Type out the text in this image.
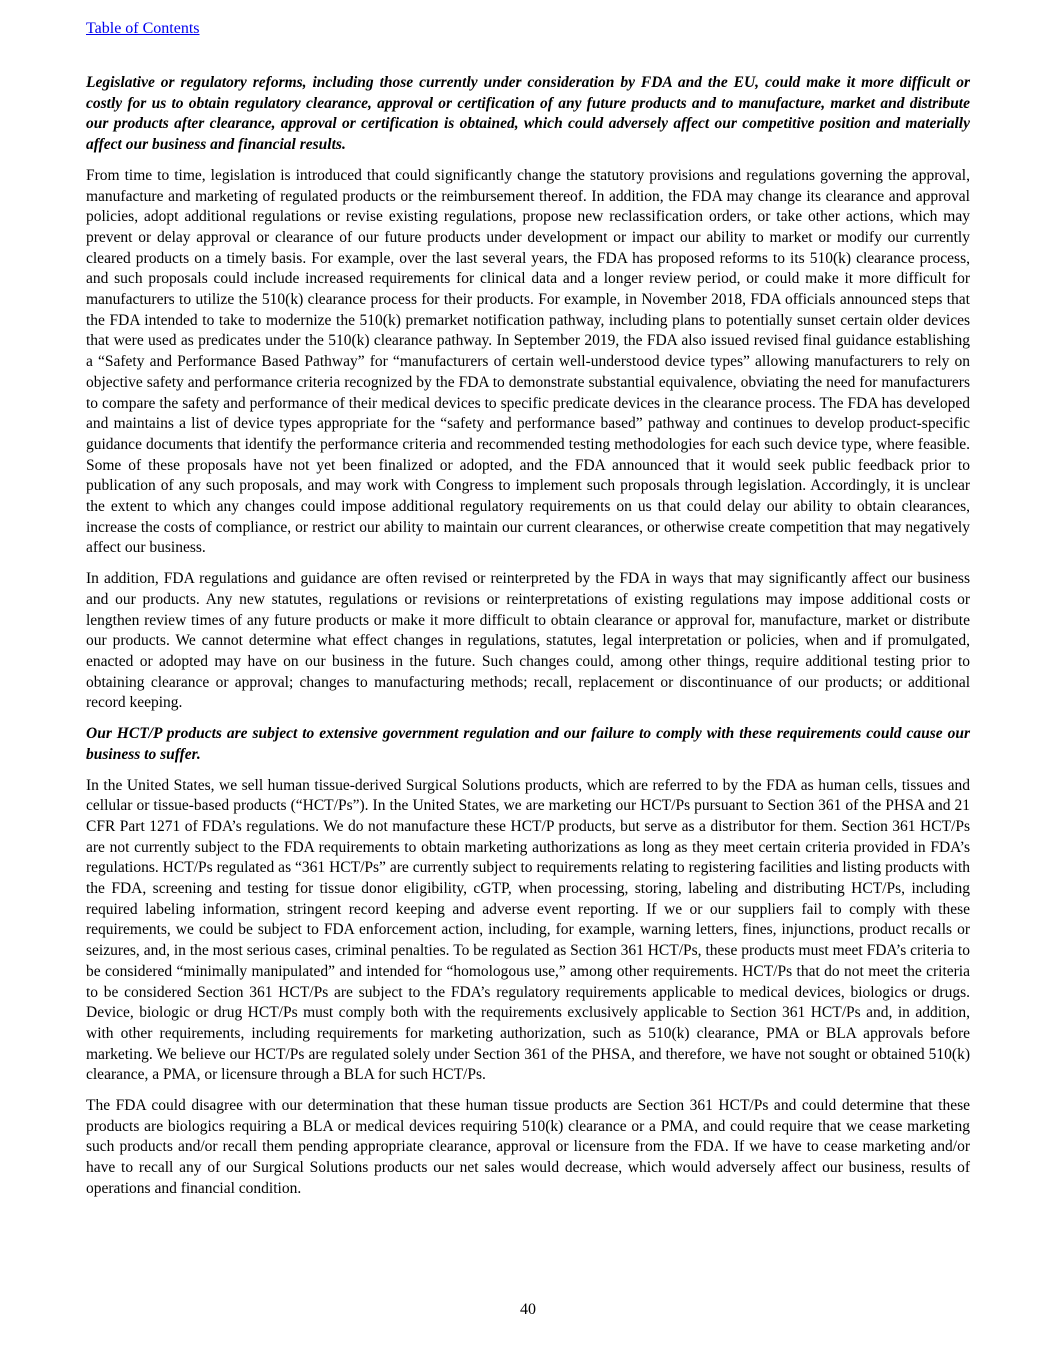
Table of Contents

Legislative or regulatory reforms, including those currently under consideration by FDA and the EU, could make it more difficult or costly for us to obtain regulatory clearance, approval or certification of any future products and to manufacture, market and distribute our products after clearance, approval or certification is obtained, which could adversely affect our competitive position and materially affect our business and financial results.

From time to time, legislation is introduced that could significantly change the statutory provisions and regulations governing the approval, manufacture and marketing of regulated products or the reimbursement thereof. In addition, the FDA may change its clearance and approval policies, adopt additional regulations or revise existing regulations, propose new reclassification orders, or take other actions, which may prevent or delay approval or clearance of our future products under development or impact our ability to market or modify our currently cleared products on a timely basis. For example, over the last several years, the FDA has proposed reforms to its 510(k) clearance process, and such proposals could include increased requirements for clinical data and a longer review period, or could make it more difficult for manufacturers to utilize the 510(k) clearance process for their products. For example, in November 2018, FDA officials announced steps that the FDA intended to take to modernize the 510(k) premarket notification pathway, including plans to potentially sunset certain older devices that were used as predicates under the 510(k) clearance pathway. In September 2019, the FDA also issued revised final guidance establishing a “Safety and Performance Based Pathway” for “manufacturers of certain well-understood device types” allowing manufacturers to rely on objective safety and performance criteria recognized by the FDA to demonstrate substantial equivalence, obviating the need for manufacturers to compare the safety and performance of their medical devices to specific predicate devices in the clearance process. The FDA has developed and maintains a list of device types appropriate for the “safety and performance based” pathway and continues to develop product-specific guidance documents that identify the performance criteria and recommended testing methodologies for each such device type, where feasible. Some of these proposals have not yet been finalized or adopted, and the FDA announced that it would seek public feedback prior to publication of any such proposals, and may work with Congress to implement such proposals through legislation. Accordingly, it is unclear the extent to which any changes could impose additional regulatory requirements on us that could delay our ability to obtain clearances, increase the costs of compliance, or restrict our ability to maintain our current clearances, or otherwise create competition that may negatively affect our business.

In addition, FDA regulations and guidance are often revised or reinterpreted by the FDA in ways that may significantly affect our business and our products. Any new statutes, regulations or revisions or reinterpretations of existing regulations may impose additional costs or lengthen review times of any future products or make it more difficult to obtain clearance or approval for, manufacture, market or distribute our products. We cannot determine what effect changes in regulations, statutes, legal interpretation or policies, when and if promulgated, enacted or adopted may have on our business in the future. Such changes could, among other things, require additional testing prior to obtaining clearance or approval; changes to manufacturing methods; recall, replacement or discontinuance of our products; or additional record keeping.

Our HCT/P products are subject to extensive government regulation and our failure to comply with these requirements could cause our business to suffer.

In the United States, we sell human tissue-derived Surgical Solutions products, which are referred to by the FDA as human cells, tissues and cellular or tissue-based products (“HCT/Ps”). In the United States, we are marketing our HCT/Ps pursuant to Section 361 of the PHSA and 21 CFR Part 1271 of FDA’s regulations. We do not manufacture these HCT/P products, but serve as a distributor for them. Section 361 HCT/Ps are not currently subject to the FDA requirements to obtain marketing authorizations as long as they meet certain criteria provided in FDA’s regulations. HCT/Ps regulated as “361 HCT/Ps” are currently subject to requirements relating to registering facilities and listing products with the FDA, screening and testing for tissue donor eligibility, cGTP, when processing, storing, labeling and distributing HCT/Ps, including required labeling information, stringent record keeping and adverse event reporting. If we or our suppliers fail to comply with these requirements, we could be subject to FDA enforcement action, including, for example, warning letters, fines, injunctions, product recalls or seizures, and, in the most serious cases, criminal penalties. To be regulated as Section 361 HCT/Ps, these products must meet FDA’s criteria to be considered “minimally manipulated” and intended for “homologous use,” among other requirements. HCT/Ps that do not meet the criteria to be considered Section 361 HCT/Ps are subject to the FDA’s regulatory requirements applicable to medical devices, biologics or drugs. Device, biologic or drug HCT/Ps must comply both with the requirements exclusively applicable to Section 361 HCT/Ps and, in addition, with other requirements, including requirements for marketing authorization, such as 510(k) clearance, PMA or BLA approvals before marketing. We believe our HCT/Ps are regulated solely under Section 361 of the PHSA, and therefore, we have not sought or obtained 510(k) clearance, a PMA, or licensure through a BLA for such HCT/Ps.

The FDA could disagree with our determination that these human tissue products are Section 361 HCT/Ps and could determine that these products are biologics requiring a BLA or medical devices requiring 510(k) clearance or a PMA, and could require that we cease marketing such products and/or recall them pending appropriate clearance, approval or licensure from the FDA. If we have to cease marketing and/or have to recall any of our Surgical Solutions products our net sales would decrease, which would adversely affect our business, results of operations and financial condition.

40
